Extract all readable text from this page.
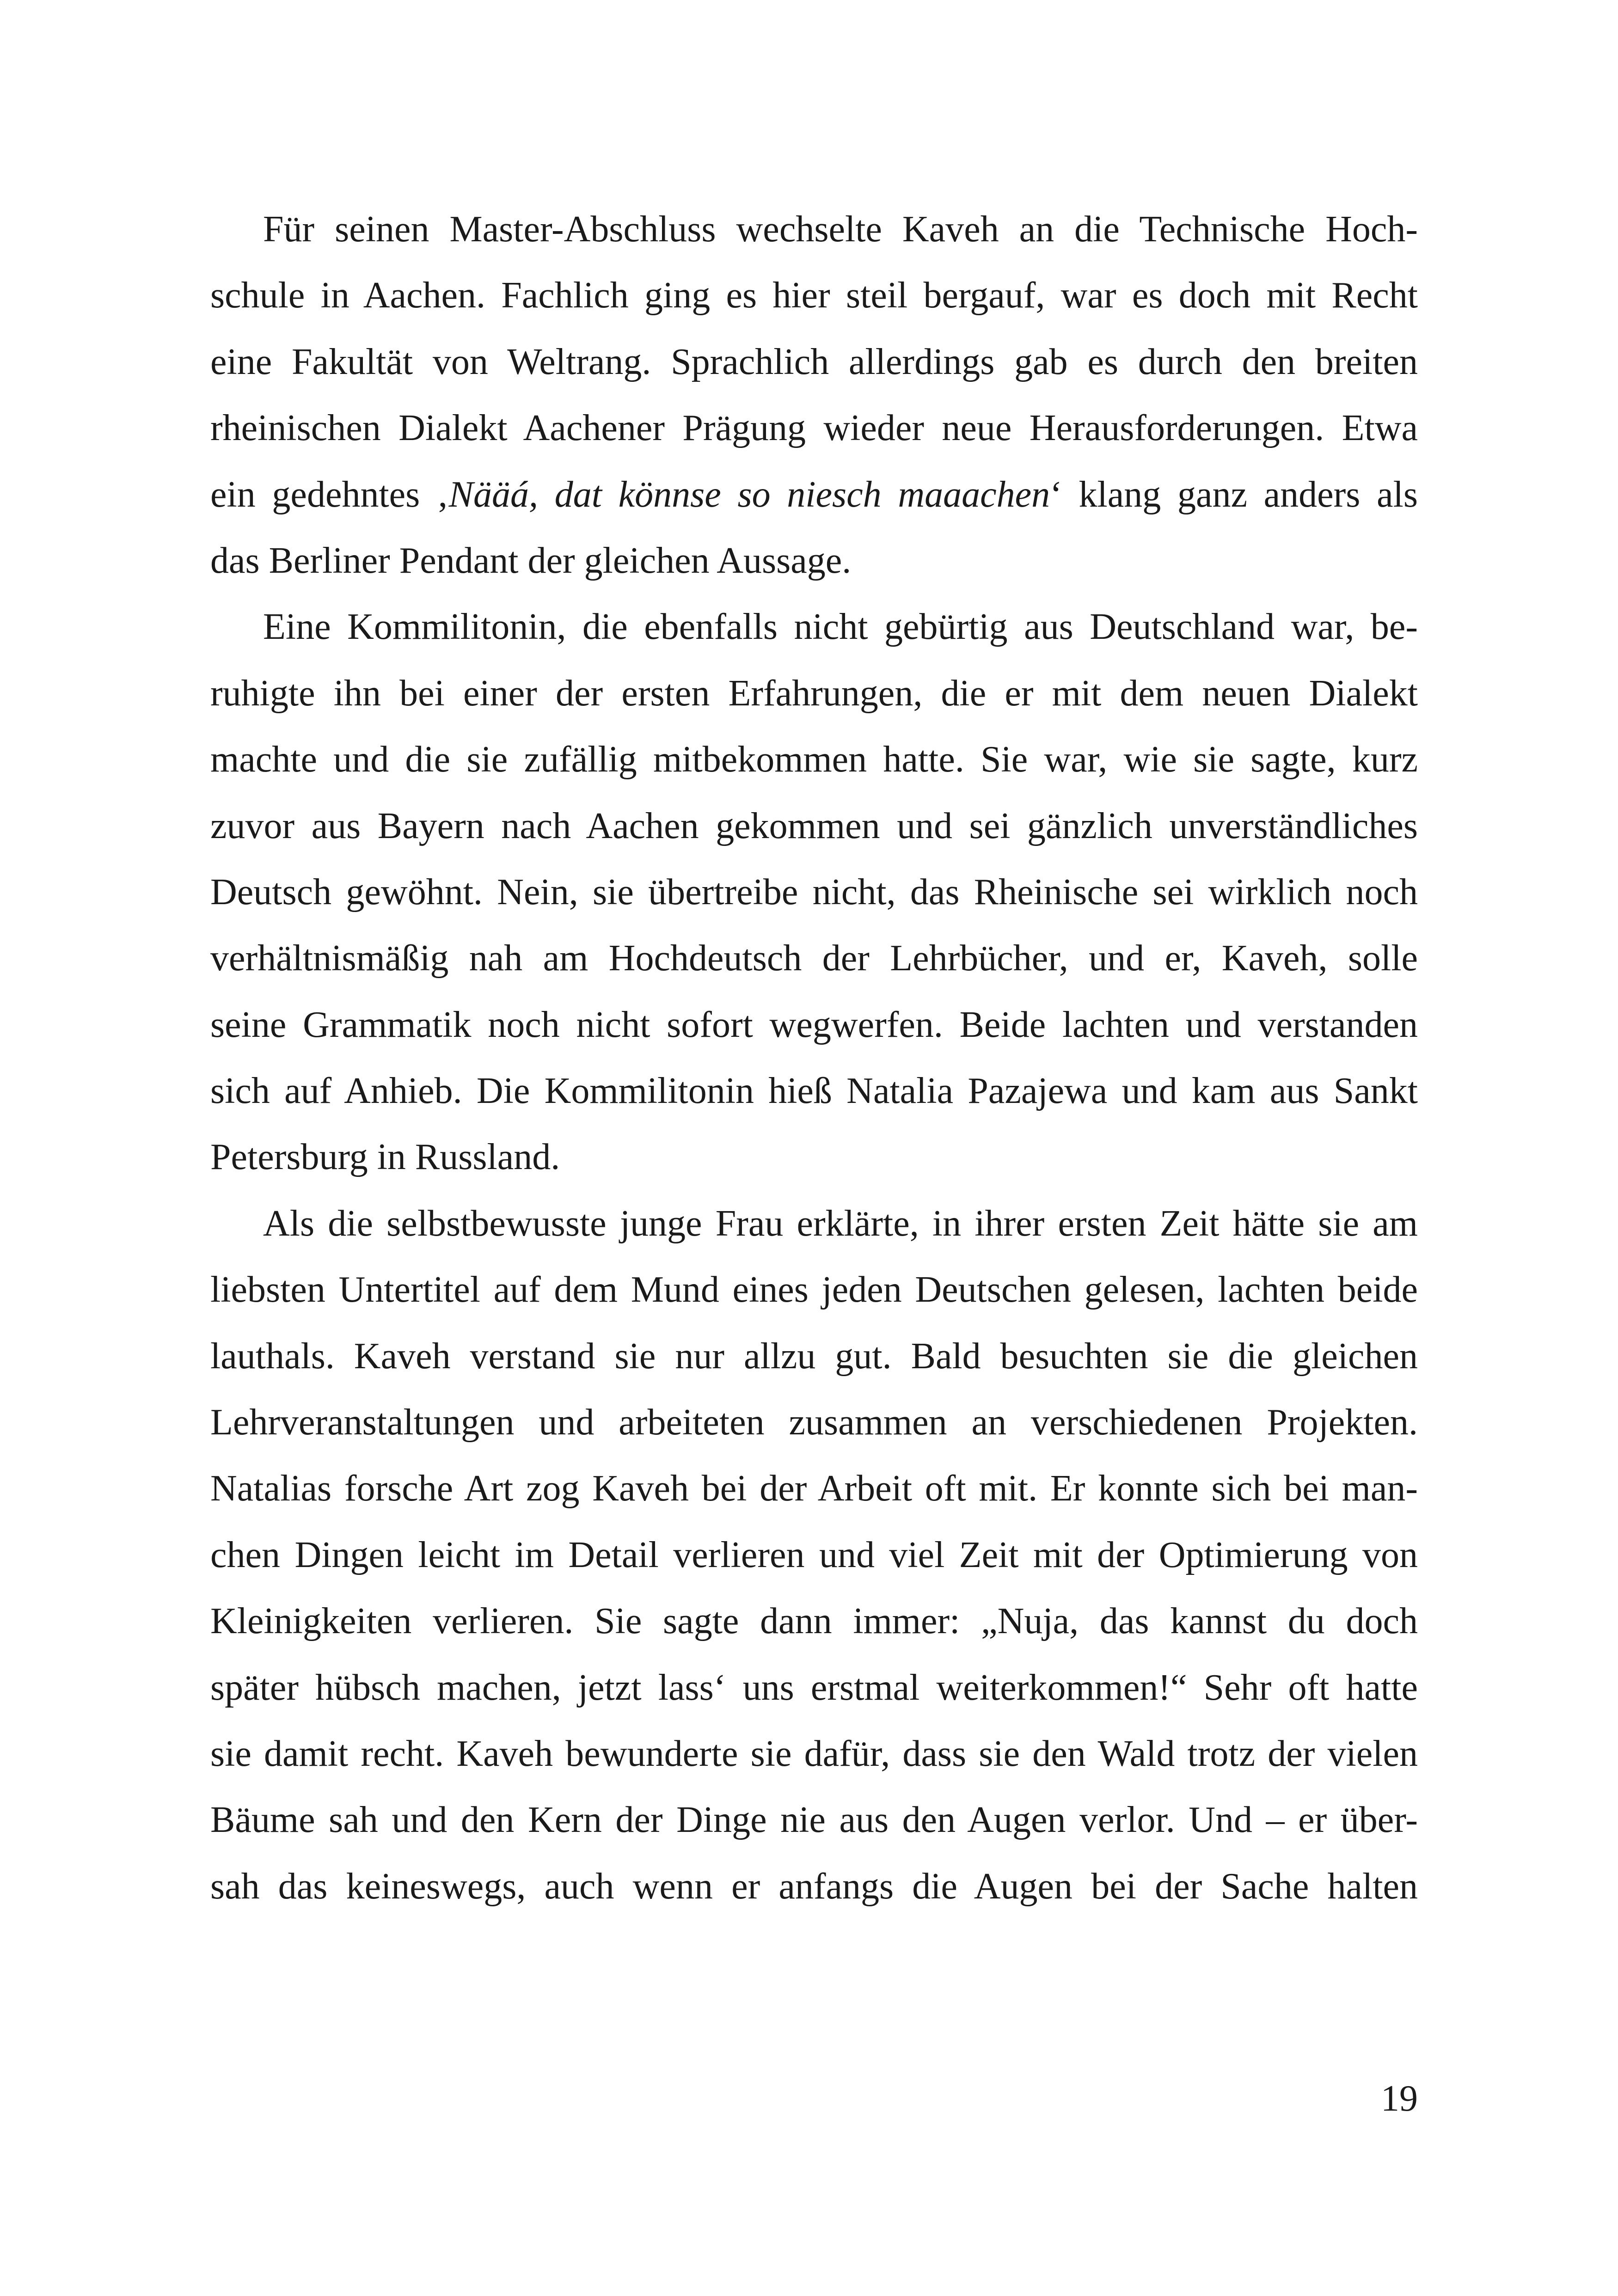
Für seinen Master-Abschluss wechselte Kaveh an die Technische Hoch-
schule in Aachen. Fachlich ging es hier steil bergauf, war es doch mit Recht
eine Fakultät von Weltrang. Sprachlich allerdings gab es durch den breiten
rheinischen Dialekt Aachener Prägung wieder neue Herausforderungen. Etwa
ein gedehntes ‚Nääá, dat könnse so niesch maaachen‘ klang ganz anders als
das Berliner Pendant der gleichen Aussage.
Eine Kommilitonin, die ebenfalls nicht gebürtig aus Deutschland war, be-
ruhigte ihn bei einer der ersten Erfahrungen, die er mit dem neuen Dialekt
machte und die sie zufällig mitbekommen hatte. Sie war, wie sie sagte, kurz
zuvor aus Bayern nach Aachen gekommen und sei gänzlich unverständliches
Deutsch gewöhnt. Nein, sie übertreibe nicht, das Rheinische sei wirklich noch
verhältnismäßig nah am Hochdeutsch der Lehrbücher, und er, Kaveh, solle
seine Grammatik noch nicht sofort wegwerfen. Beide lachten und verstanden
sich auf Anhieb. Die Kommilitonin hieß Natalia Pazajewa und kam aus Sankt
Petersburg in Russland.
Als die selbstbewusste junge Frau erklärte, in ihrer ersten Zeit hätte sie am
liebsten Untertitel auf dem Mund eines jeden Deutschen gelesen, lachten beide
lauthals. Kaveh verstand sie nur allzu gut. Bald besuchten sie die gleichen
Lehrveranstaltungen und arbeiteten zusammen an verschiedenen Projekten.
Natalias forsche Art zog Kaveh bei der Arbeit oft mit. Er konnte sich bei man-
chen Dingen leicht im Detail verlieren und viel Zeit mit der Optimierung von
Kleinigkeiten verlieren. Sie sagte dann immer: „Nuja, das kannst du doch
später hübsch machen, jetzt lass‘ uns erstmal weiterkommen!“ Sehr oft hatte
sie damit recht. Kaveh bewunderte sie dafür, dass sie den Wald trotz der vielen
Bäume sah und den Kern der Dinge nie aus den Augen verlor. Und – er über-
sah das keineswegs, auch wenn er anfangs die Augen bei der Sache halten
19
